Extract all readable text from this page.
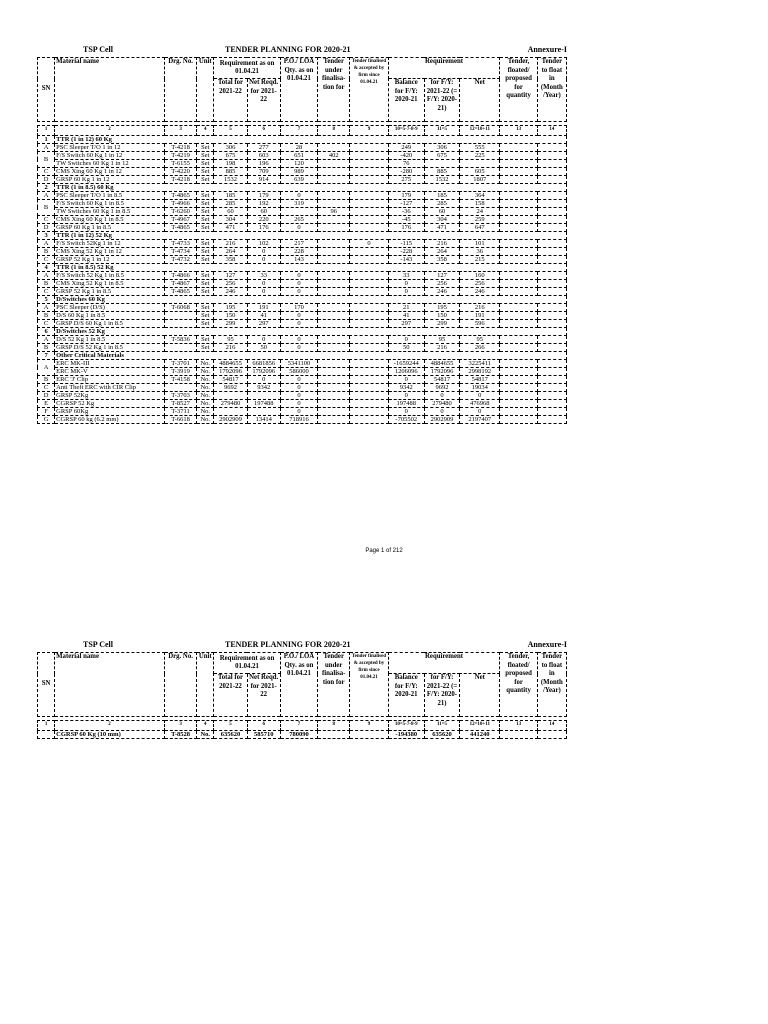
TSP Cell	TENDER PLANNING FOR 2020-21	Annexure-I
SN	Material name	Drg. No.	Unit	Requirement as on 01.04.21		P.O./ LOA Qty. as on 01.04.21	Tender under finalisa- tion for	Tender finalised & accepted by firm since 01.04.21	Requirement			Tender, floated/ proposed for quantity	Tender to float in (Month /Year)
				Total for 2021-22	Net Reqd. for 2021-22				Balance for F/Y: 2020-21	for F/Y: 2021-22 (= F/Y: 2020-21)	Net		

1	2	3	4	5	6	7	8	9	10=5-7-8-9	11=5	12=10+11	13	14
1	TTR (1 in 12) 60 Kg												
A	PSC Sleeper T/O 1 in 12	T-4218	Set	306	277	28			249	306	555		
B	F/S Switch 60 Kg 1 in 12	T-4219	Set	675	603	651	402		-420	675	225		
	TW Switches 60 Kg 1 in 12	T-6155	Set	198	196	120			76				
C	CMS Xing 60 Kg 1 in 12	T-4220	Set	885	709	989			-280	885	605		
D	GRSP 60 Kg 1 in 12	T-4218	Set	1532	914	639			275	1532	1807		
2	TTR (1 in 8.5) 60 Kg												
A	PSC Sleeper T/O 1 in 8.5	T-4865	Set	185	179	0			179	185	364		
B	F/S Switch 60 Kg 1 in 8.5	T-4966	Set	285	192	319			-127	285	158		
	TW Switches 60 Kg 1 in 8.5	T-6260	Set	60	60		96		-36	60	24		
C	CMS Xing 60 Kg 1 in 8.5	T-4967	Set	304	220	265			-45	304	259		
D	GRSP 60 Kg 1 in 8.5	T-4865	Set	471	176	0			176	471	647		
3	TTR (1 in 12) 52 Kg												
A	F/S Switch 52Kg 1 in 12	T-4733	Set	216	102	217		0	-115	216	101		
B	CMS Xing 52 Kg 1 in 12	T-4734	Set	264	0	228			-228	264	36		
C	GRSP 52 Kg 1 in 12	T-4732	Set	358	0	143			-143	358	215		
4	TTR (1 in 8.5) 52 Kg												
A	F/S Switch 52 Kg 1 in 8.5	T-4866	Set	127	33	0			33	127	160		
B	CMS Xing 52 Kg 1 in 8.5	T-4867	Set	256	0	0			0	256	256		
C	GRSP 52 Kg 1 in 8.5	T-4865	Set	246	0	0			0	246	246		
5	D/Switches 60 Kg												
A	PSC Sleeper (D/S)	T-6068	Set	195	191	170			21	195	216		
B	D/S 60 Kg 1 in 8.5		Set	150	41	0			41	150	191		
C	GRSP D/S 60 Kg 1 in 8.5		Set	299	297	0			297	299	596		
6	D/Switches 52 Kg												
A	D/S 52 Kg 1 in 8.5	T-5836	Set	95	0	0			0	95	95		
B	GRSP D/S 52 Kg 1 in 8.5		Set	216	50	0			50	216	266		
7	Other Critical Materials												
A	ERC MK-III	T-3701	No.	4884655	6681856	5341100			-1659244	4884655	3225411		
	ERC MK-V	T-3919	No.	1792096	1792096	586000			1206096	1792096	2998192		
B	ERC 'J' Clip	T-4158	No.	54817	0	0			0	54817	54817		
C	Anti Theft ERC with CIR Clip		No.	9692	9342	0			9342	9692	19034		
D	GRSP 52Kg	T-3703	No.			0			0	0	0		
E	CGRSP 52 Kg	T-8527	No.	279480	197488	0			197488	279480	476968		
F	GRSP 60Kg	T-3711	No.			0			0	0	0		
G	CGRSP 60 kg (6.2 mm)	T-6618	No.	2902909	13414	718916			-705502	2902909	2197407		
Page 1 of 212
TSP Cell	TENDER PLANNING FOR 2020-21	Annexure-I
SN	Material name	Drg. No.	Unit	Requirement as on 01.04.21		P.O./ LOA Qty. as on 01.04.21	Tender under finalisa- tion for	Tender finalised & accepted by firm since 01.04.21	Requirement			Tender, floated/ proposed for quantity	Tender to float in (Month /Year)
				Total for 2021-22	Net Reqd. for 2021-22				Balance for F/Y: 2020-21	for F/Y: 2021-22 (= F/Y: 2020-21)	Net		

1	2	3	4	5	6	7	8	9	10=5-7-8-9	11=5	12=10+11	13	14
	CGRSP 60 Kg (10 mm)	T-8528	No.	635620	585710	780090			-194380	635620	441240		
